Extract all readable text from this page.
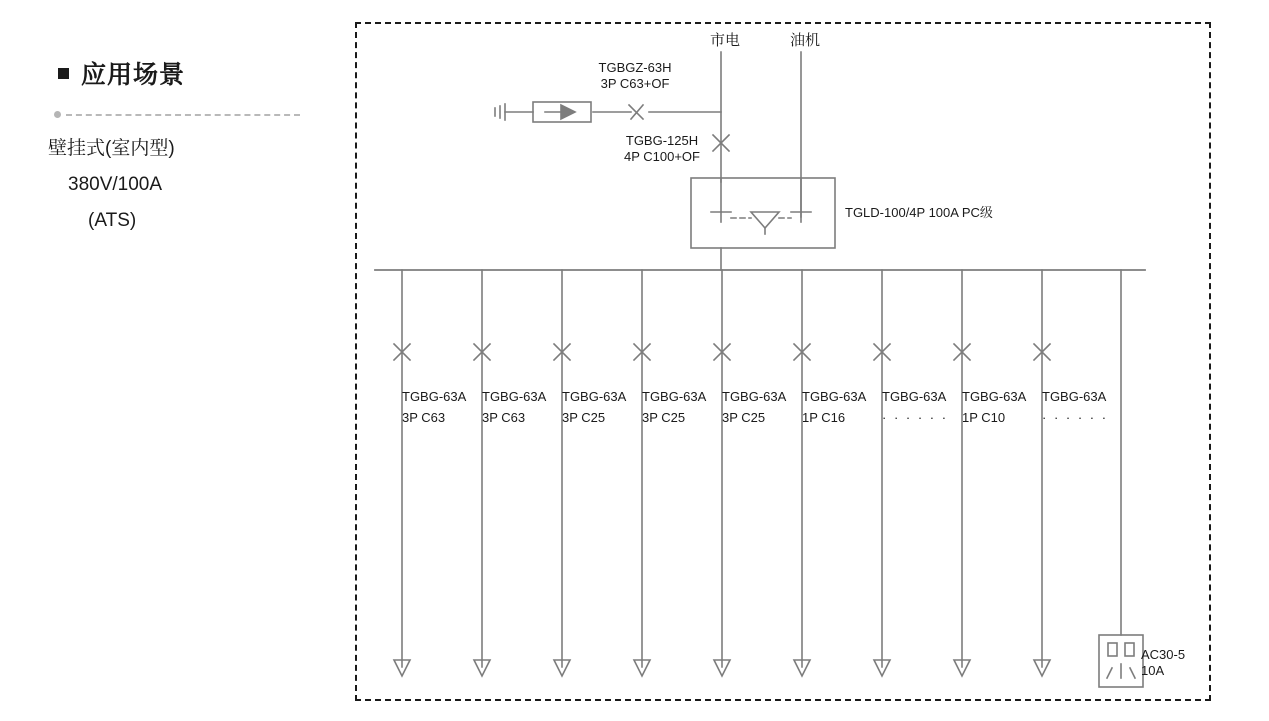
应用场景
壁挂式(室内型)
380V/100A
(ATS)
市电	油机
TGBGZ-63H
3P C63+OF
TGBG-125H
4P C100+OF
TGLD-100/4P 100A PC级
TGBG-63A
3P C63
TGBG-63A
3P C63
TGBG-63A
3P C25
TGBG-63A
3P C25
TGBG-63A
3P C25
TGBG-63A
1P C16
TGBG-63A
· · · · · ·
TGBG-63A
1P C10
TGBG-63A
· · · · · ·
AC30-5
10A
